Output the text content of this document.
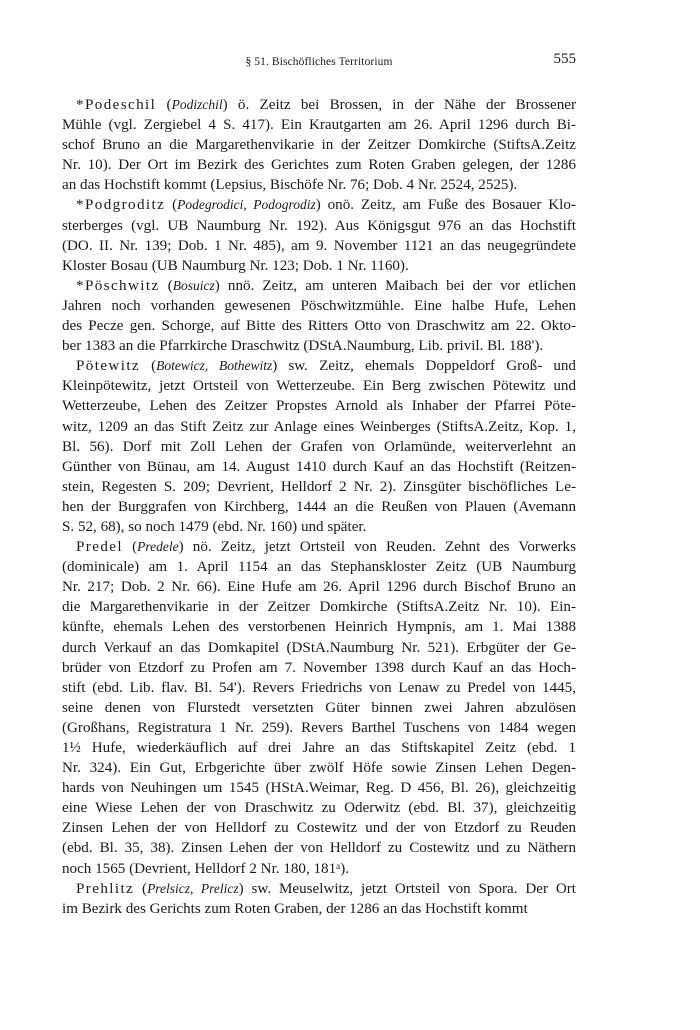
§ 51. Bischöfliches Territorium	555
*Podeschil (Podizchil) ö. Zeitz bei Brossen, in der Nähe der Brossener
Mühle (vgl. Zergiebel 4 S. 417). Ein Krautgarten am 26. April 1296 durch Bi-
schof Bruno an die Margarethenvikarie in der Zeitzer Domkirche (StiftsA.Zeitz
Nr. 10). Der Ort im Bezirk des Gerichtes zum Roten Graben gelegen, der 1286
an das Hochstift kommt (Lepsius, Bischöfe Nr. 76; Dob. 4 Nr. 2524, 2525).
*Podgroditz (Podegrodici, Podogrodiz) onö. Zeitz, am Fuße des Bosauer Klo-
sterberges (vgl. UB Naumburg Nr. 192). Aus Königsgut 976 an das Hochstift
(DO. II. Nr. 139; Dob. 1 Nr. 485), am 9. November 1121 an das neugegründete
Kloster Bosau (UB Naumburg Nr. 123; Dob. 1 Nr. 1160).
*Pöschwitz (Bosuicz) nnö. Zeitz, am unteren Maibach bei der vor etlichen
Jahren noch vorhanden gewesenen Pöschwitzmühle. Eine halbe Hufe, Lehen
des Pecze gen. Schorge, auf Bitte des Ritters Otto von Draschwitz am 22. Okto-
ber 1383 an die Pfarrkirche Draschwitz (DStA.Naumburg, Lib. privil. Bl. 188').
Pötewitz (Botewicz, Bothewitz) sw. Zeitz, ehemals Doppeldorf Groß- und
Kleinpötewitz, jetzt Ortsteil von Wetterzeube. Ein Berg zwischen Pötewitz und
Wetterzeube, Lehen des Zeitzer Propstes Arnold als Inhaber der Pfarrei Pöte-
witz, 1209 an das Stift Zeitz zur Anlage eines Weinberges (StiftsA.Zeitz, Kop. 1,
Bl. 56). Dorf mit Zoll Lehen der Grafen von Orlamünde, weiterverlehnt an
Günther von Bünau, am 14. August 1410 durch Kauf an das Hochstift (Reitzen-
stein, Regesten S. 209; Devrient, Helldorf 2 Nr. 2). Zinsgüter bischöfliches Le-
hen der Burggrafen von Kirchberg, 1444 an die Reußen von Plauen (Avemann
S. 52, 68), so noch 1479 (ebd. Nr. 160) und später.
Predel (Predele) nö. Zeitz, jetzt Ortsteil von Reuden. Zehnt des Vorwerks
(dominicale) am 1. April 1154 an das Stephanskloster Zeitz (UB Naumburg
Nr. 217; Dob. 2 Nr. 66). Eine Hufe am 26. April 1296 durch Bischof Bruno an
die Margarethenvikarie in der Zeitzer Domkirche (StiftsA.Zeitz Nr. 10). Ein-
künfte, ehemals Lehen des verstorbenen Heinrich Hympnis, am 1. Mai 1388
durch Verkauf an das Domkapitel (DStA.Naumburg Nr. 521). Erbgüter der Ge-
brüder von Etzdorf zu Profen am 7. November 1398 durch Kauf an das Hoch-
stift (ebd. Lib. flav. Bl. 54'). Revers Friedrichs von Lenaw zu Predel von 1445,
seine denen von Flurstedt versetzten Güter binnen zwei Jahren abzulösen
(Großhans, Registratura 1 Nr. 259). Revers Barthel Tuschens von 1484 wegen
1½ Hufe, wiederkäuflich auf drei Jahre an das Stiftskapitel Zeitz (ebd. 1
Nr. 324). Ein Gut, Erbgerichte über zwölf Höfe sowie Zinsen Lehen Degen-
hards von Neuhingen um 1545 (HStA.Weimar, Reg. D 456, Bl. 26), gleichzeitig
eine Wiese Lehen der von Draschwitz zu Oderwitz (ebd. Bl. 37), gleichzeitig
Zinsen Lehen der von Helldorf zu Costewitz und der von Etzdorf zu Reuden
(ebd. Bl. 35, 38). Zinsen Lehen der von Helldorf zu Costewitz und zu Näthern
noch 1565 (Devrient, Helldorf 2 Nr. 180, 181ᵃ).
Prehlitz (Prelsicz, Prelicz) sw. Meuselwitz, jetzt Ortsteil von Spora. Der Ort
im Bezirk des Gerichts zum Roten Graben, der 1286 an das Hochstift kommt
